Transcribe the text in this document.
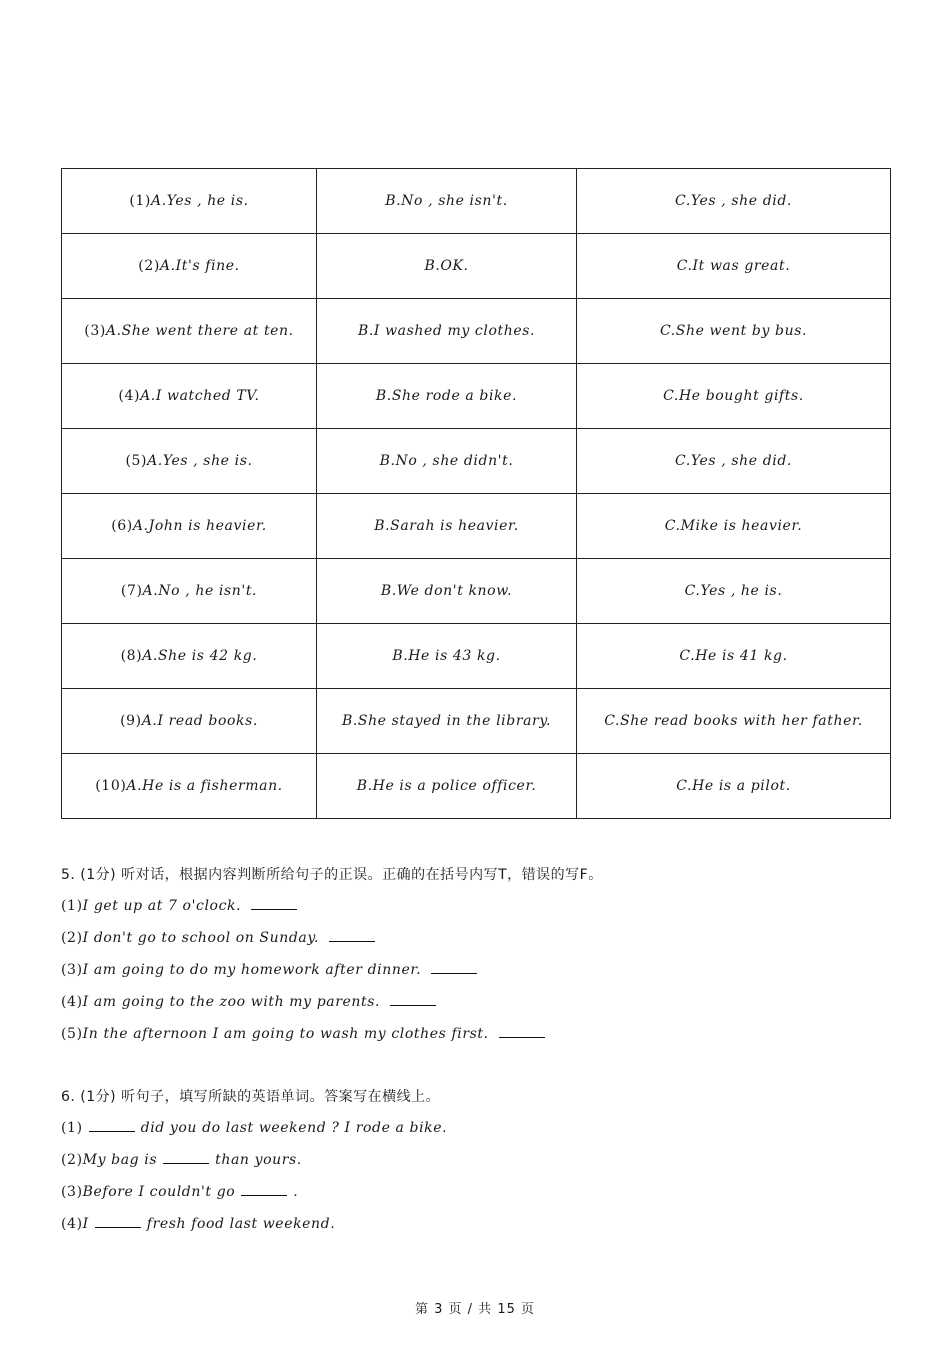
(1)A.Yes , he is.	B.No , she isn't.	C.Yes , she did.
(2)A.It's fine.	B.OK.	C.It was great.
(3)A.She went there at ten.	B.I washed my clothes.	C.She went by bus.
(4)A.I watched TV.	B.She rode a bike.	C.He bought gifts.
(5)A.Yes , she is.	B.No , she didn't.	C.Yes , she did.
(6)A.John is heavier.	B.Sarah is heavier.	C.Mike is heavier.
(7)A.No , he isn't.	B.We don't know.	C.Yes , he is.
(8)A.She is 42 kg.	B.He is 43 kg.	C.He is 41 kg.
(9)A.I read books.	B.She stayed in the library.	C.She read books with her father.
(10)A.He is a fisherman.	B.He is a police officer.	C.He is a pilot.
5. (1分) 听对话，根据内容判断所给句子的正误。正确的在括号内写T，错误的写F。
(1)I get up at 7 o'clock.
(2)I don't go to school on Sunday.
(3)I am going to do my homework after dinner.
(4)I am going to the zoo with my parents.
(5)In the afternoon I am going to wash my clothes first.
6. (1分) 听句子，填写所缺的英语单词。答案写在横线上。
(1)	did you do last weekend ? I rode a bike.
(2)My bag is	than yours.
(3)Before I couldn't go	.
(4)I	fresh food last weekend.
第 3 页 / 共 15 页
